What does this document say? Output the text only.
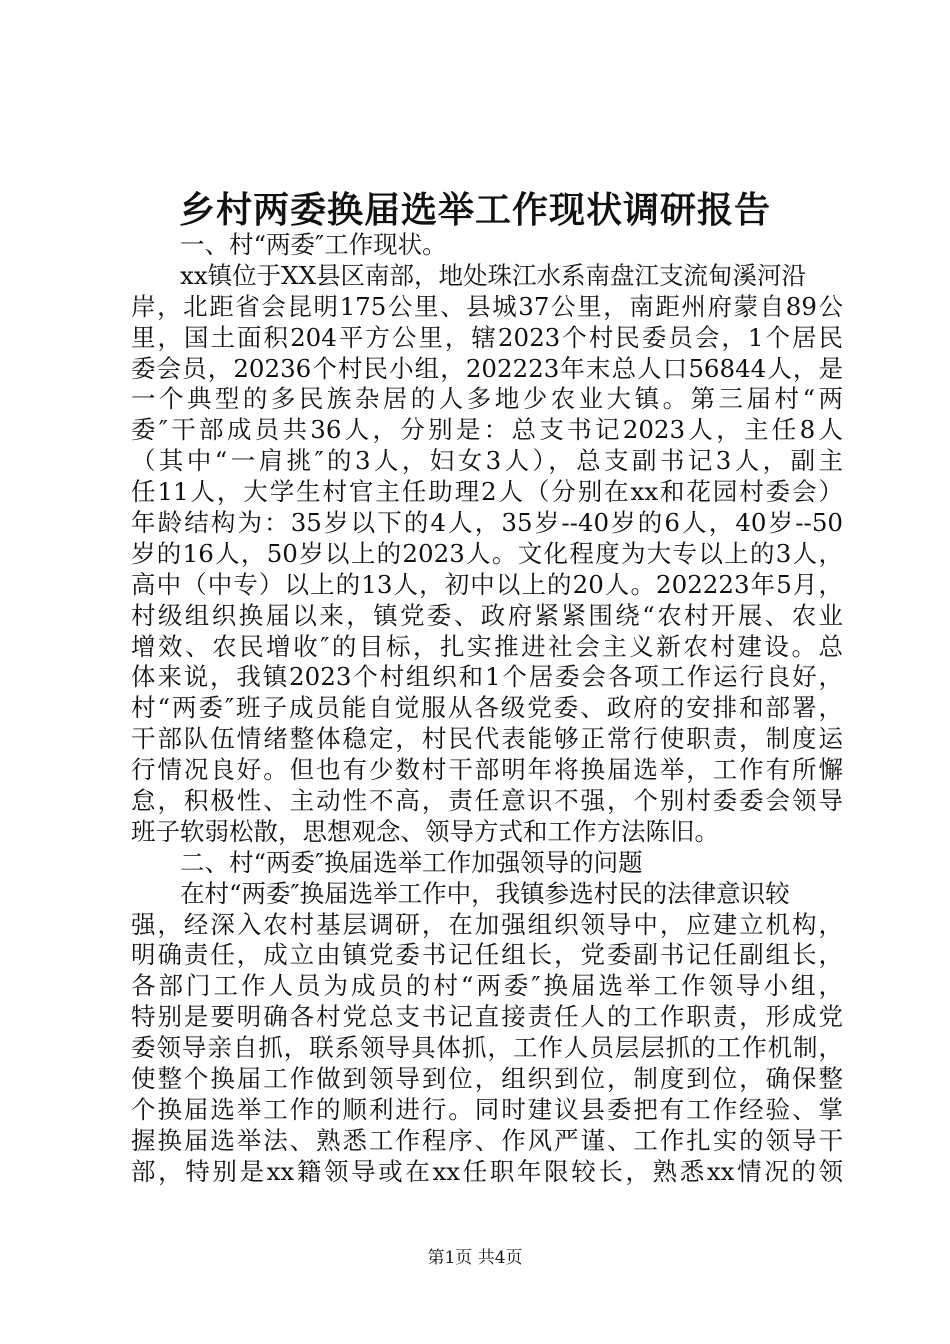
乡村两委换届选举工作现状调研报告
一、村“两委″工作现状。
xx镇位于XX县区南部，地处珠江水系南盘江支流甸溪河沿
岸，北距省会昆明175公里、县城37公里，南距州府蒙自89公
里，国土面积204平方公里，辖2023个村民委员会，1个居民
委会员，20236个村民小组，202223年末总人口56844人，是
一个典型的多民族杂居的人多地少农业大镇。第三届村“两
委″干部成员共36人，分别是：总支书记2023人，主任8人
（其中“一肩挑″的3人，妇女3人），总支副书记3人，副主
任11人，大学生村官主任助理2人（分别在xx和花园村委会）
年龄结构为：35岁以下的4人，35岁--40岁的6人，40岁--50
岁的16人，50岁以上的2023人。文化程度为大专以上的3人，
高中（中专）以上的13人，初中以上的20人。202223年5月，
村级组织换届以来，镇党委、政府紧紧围绕“农村开展、农业
增效、农民增收″的目标，扎实推进社会主义新农村建设。总
体来说，我镇2023个村组织和1个居委会各项工作运行良好，
村“两委″班子成员能自觉服从各级党委、政府的安排和部署，
干部队伍情绪整体稳定，村民代表能够正常行使职责，制度运
行情况良好。但也有少数村干部明年将换届选举，工作有所懈
怠，积极性、主动性不高，责任意识不强，个别村委委会领导
班子软弱松散，思想观念、领导方式和工作方法陈旧。
二、村“两委″换届选举工作加强领导的问题
在村“两委″换届选举工作中，我镇参选村民的法律意识较
强，经深入农村基层调研，在加强组织领导中，应建立机构，
明确责任，成立由镇党委书记任组长，党委副书记任副组长，
各部门工作人员为成员的村“两委″换届选举工作领导小组，
特别是要明确各村党总支书记直接责任人的工作职责，形成党
委领导亲自抓，联系领导具体抓，工作人员层层抓的工作机制，
使整个换届工作做到领导到位，组织到位，制度到位，确保整
个换届选举工作的顺利进行。同时建议县委把有工作经验、掌
握换届选举法、熟悉工作程序、作风严谨、工作扎实的领导干
部，特别是xx籍领导或在xx任职年限较长，熟悉xx情况的领
第1页 共4页
